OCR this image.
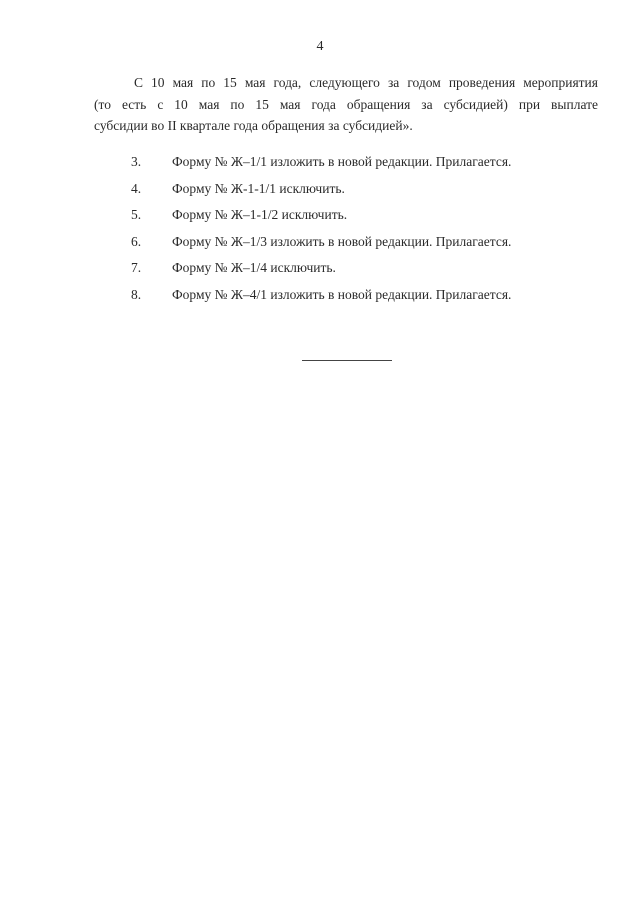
4
С 10 мая по 15 мая года, следующего за годом проведения мероприятия
(то есть с 10 мая по 15 мая года обращения за субсидией) при выплате
субсидии во II квартале года обращения за субсидией».
3. Форму № Ж–1/1 изложить в новой редакции. Прилагается.
4. Форму № Ж-1-1/1 исключить.
5. Форму № Ж–1-1/2 исключить.
6. Форму № Ж–1/3 изложить в новой редакции. Прилагается.
7. Форму № Ж–1/4 исключить.
8. Форму № Ж–4/1 изложить в новой редакции. Прилагается.
